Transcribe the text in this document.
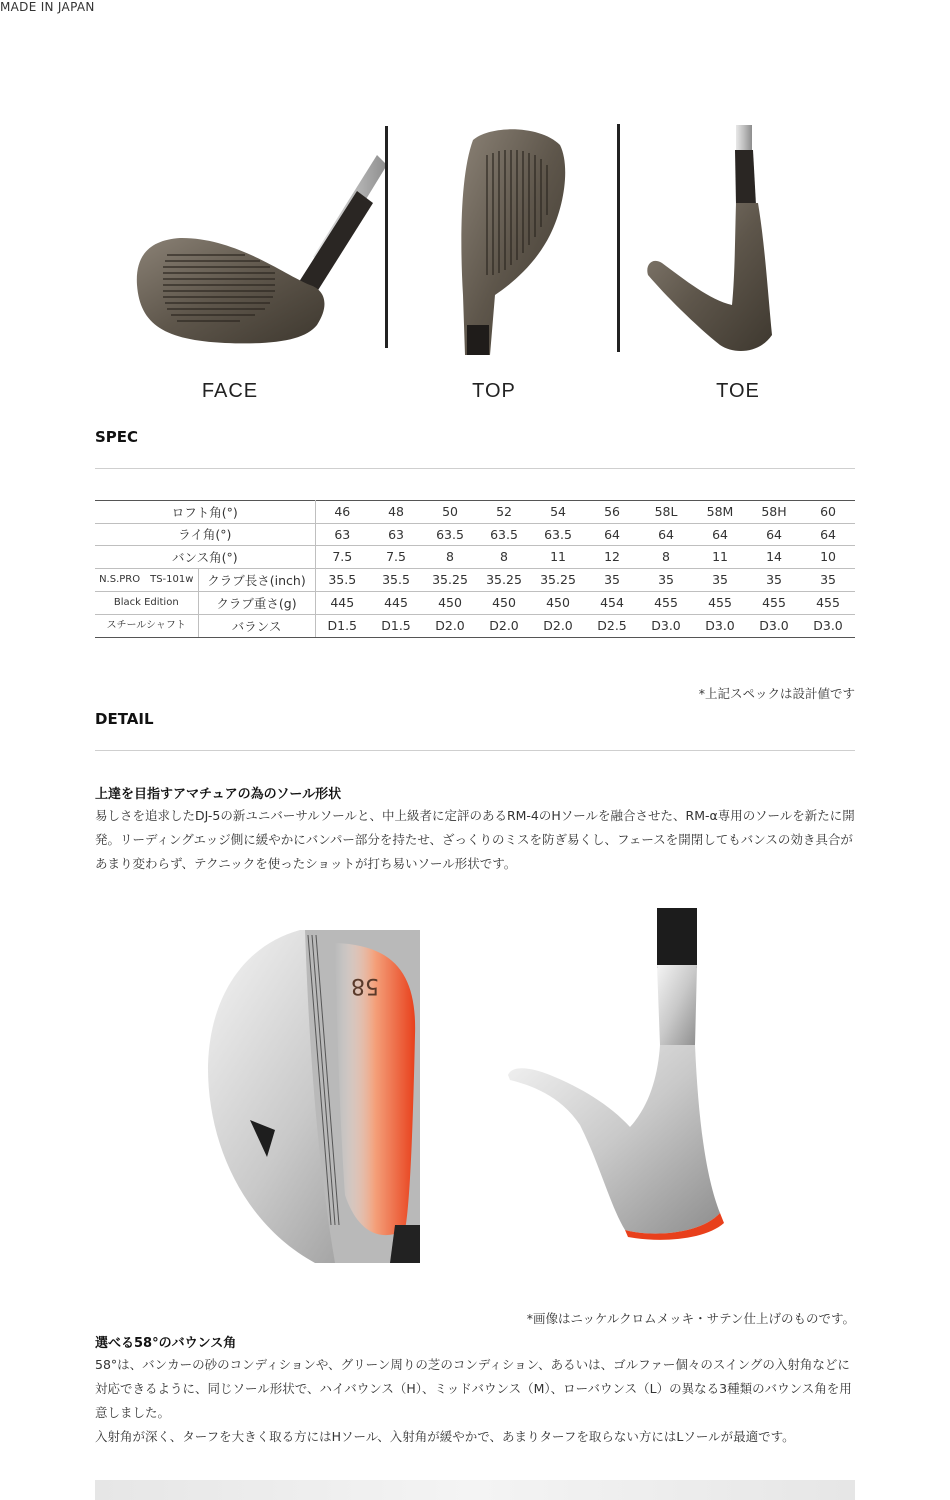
MADE IN JAPAN
FACE	TOP	TOE
SPEC
ロフト角(°)		46	48	50	52	54	56	58L	58M	58H	60
ライ角(°)		63	63	63.5	63.5	63.5	64	64	64	64	64
バンス角(°)		7.5	7.5	8	8	11	12	8	11	14	10
N.S.PRO　TS-101w	クラブ長さ(inch)	35.5	35.5	35.25	35.25	35.25	35	35	35	35	35
Black Edition	クラブ重さ(g)	445	445	450	450	450	454	455	455	455	455
スチールシャフト	バランス	D1.5	D1.5	D2.0	D2.0	D2.0	D2.5	D3.0	D3.0	D3.0	D3.0
*上記スペックは設計値です
DETAIL
上達を目指すアマチュアの為のソール形状
易しさを追求したDJ-5の新ユニバーサルソールと、中上級者に定評のあるRM-4のHソールを融合させた、RM-α専用のソールを新たに開発。リーディングエッジ側に緩やかにバンパー部分を持たせ、ざっくりのミスを防ぎ易くし、フェースを開閉してもバンスの効き具合があまり変わらず、テクニックを使ったショットが打ち易いソール形状です。
58
*画像はニッケルクロムメッキ・サテン仕上げのものです。
選べる58°のバウンス角
58°は、バンカーの砂のコンディションや、グリーン周りの芝のコンディション、あるいは、ゴルファー個々のスイングの入射角などに対応できるように、同じソール形状で、ハイバウンス（H）、ミッドバウンス（M）、ローバウンス（L）の異なる3種類のバウンス角を用意しました。
入射角が深く、ターフを大きく取る方にはHソール、入射角が緩やかで、あまりターフを取らない方にはLソールが最適です。
